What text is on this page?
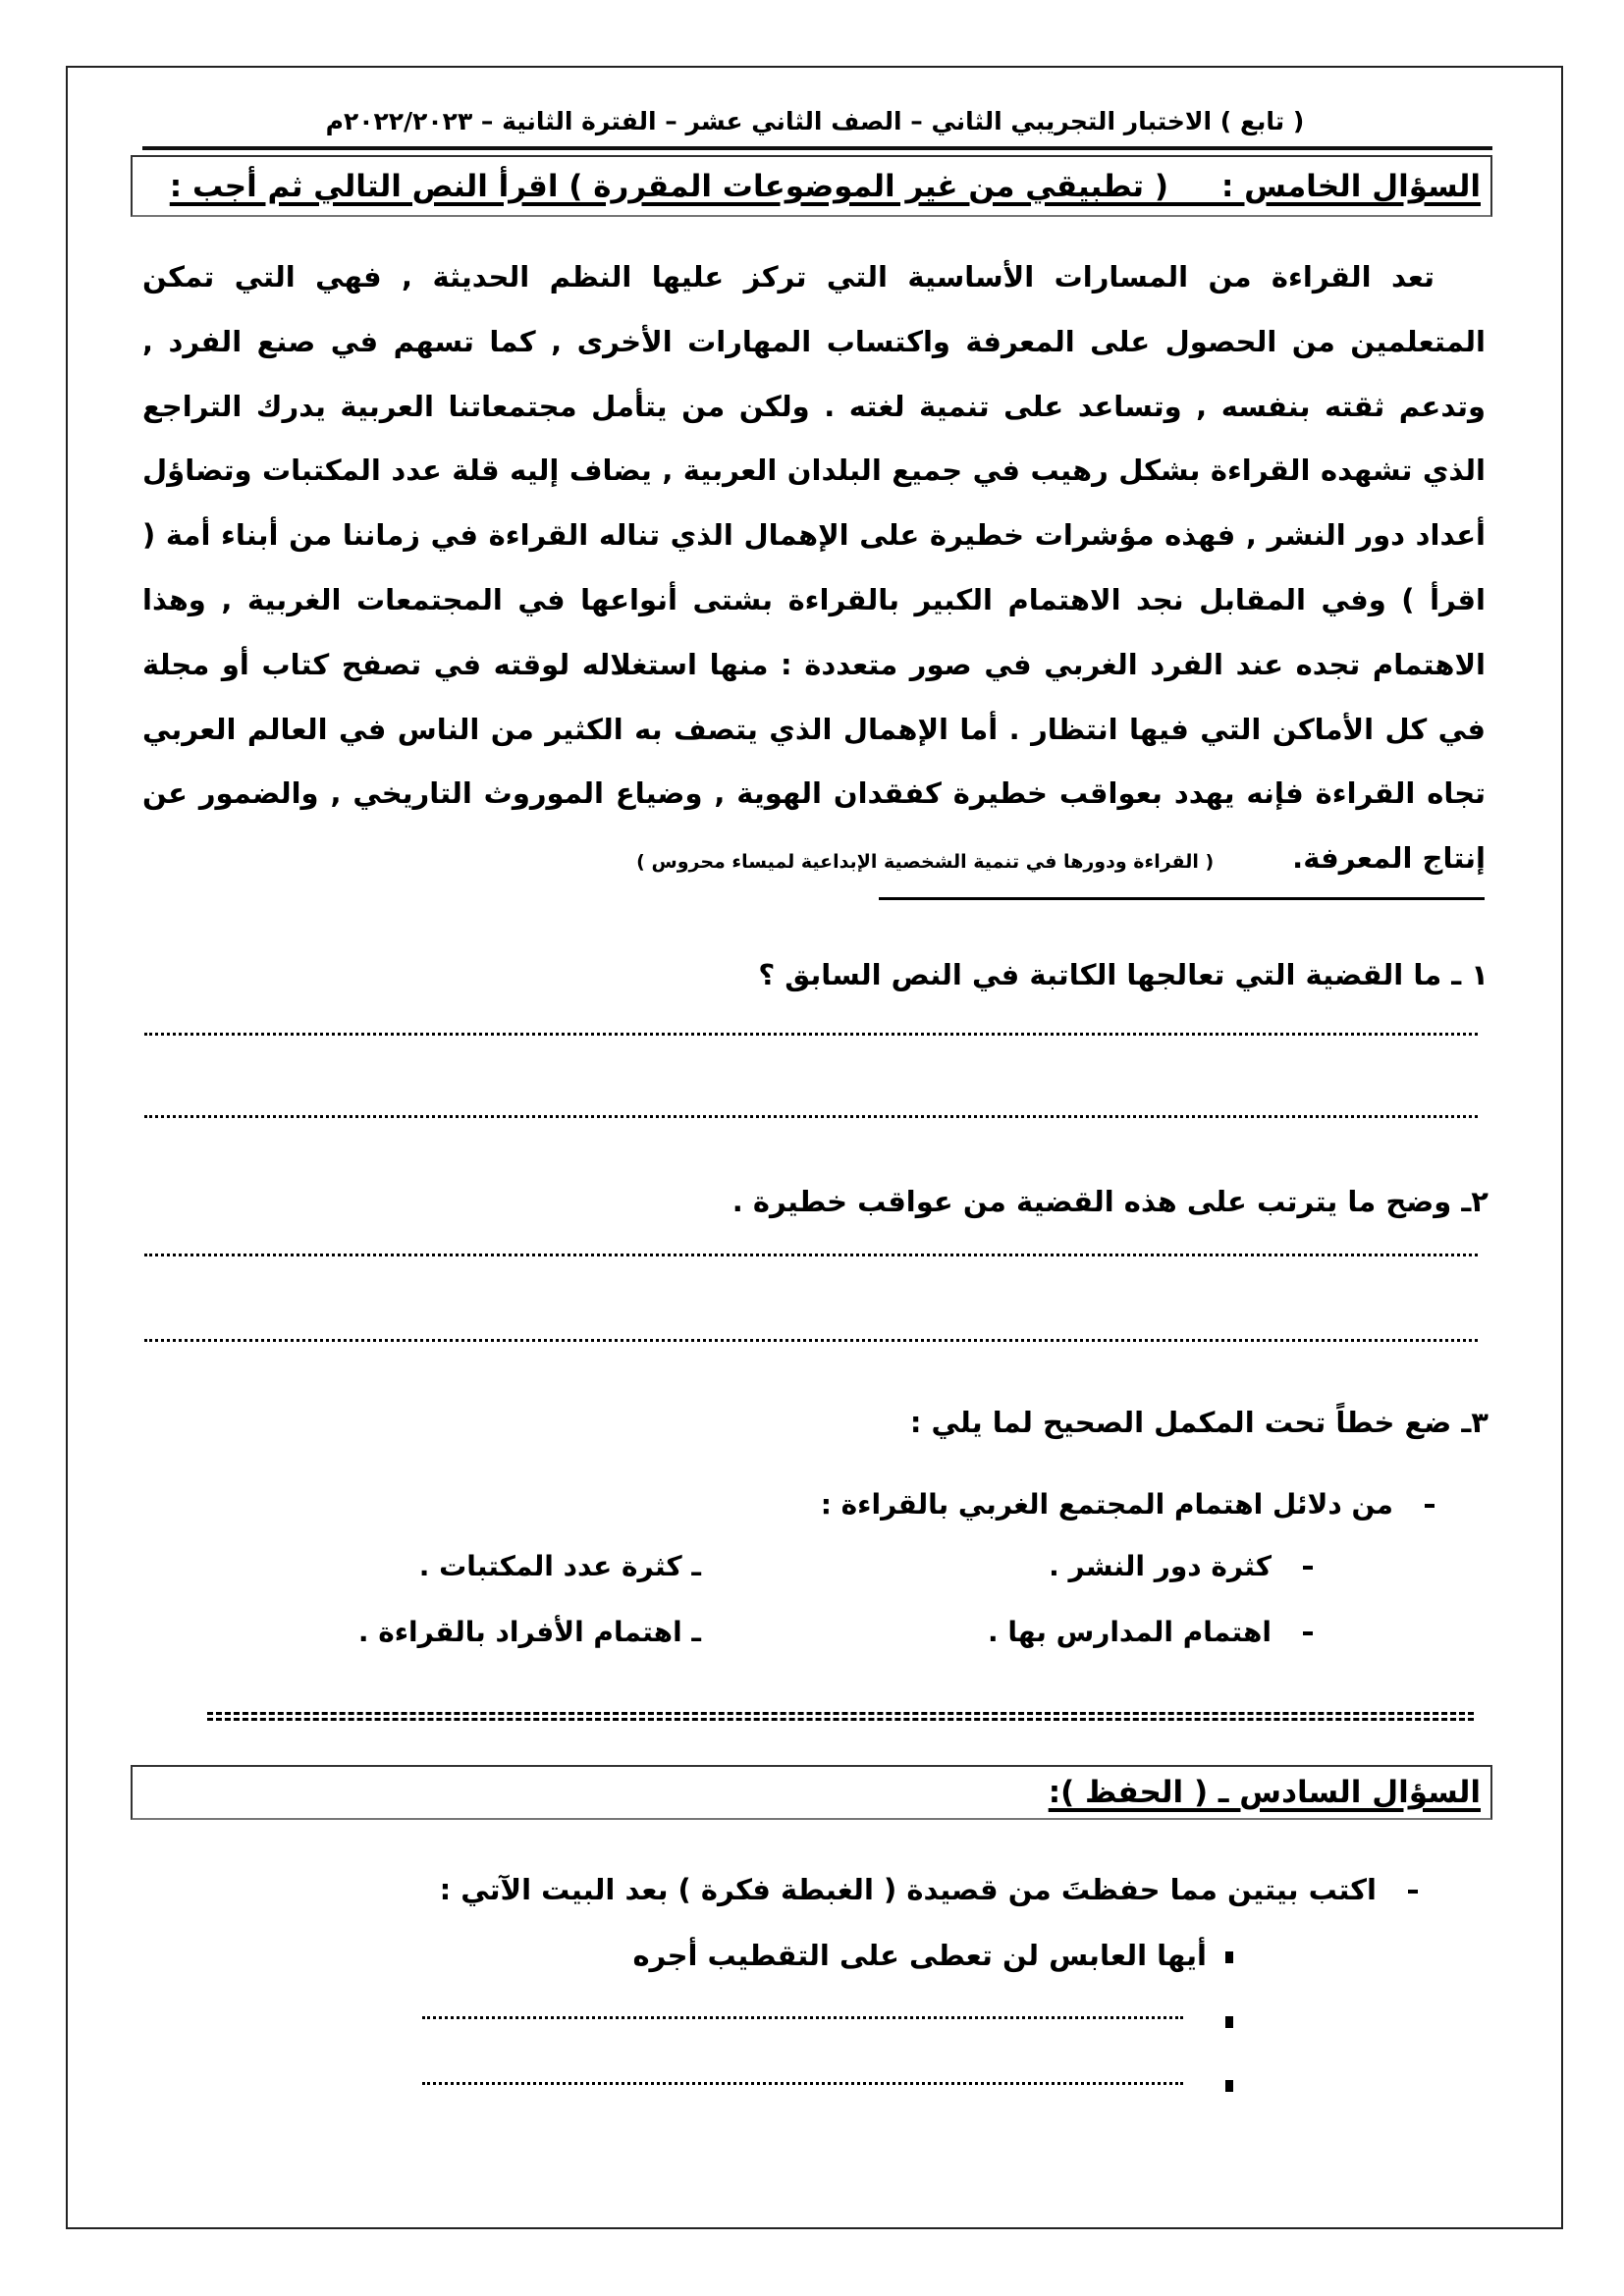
( تابع ) الاختبار التجريبي الثاني – الصف الثاني عشر – الفترة الثانية – ٢٠٢٢/٢٠٢٣م
السؤال الخامس :     ( تطبيقي من غير الموضوعات المقررة ) اقرأ النص التالي ثم أجب :

تعد القراءة من المسارات الأساسية التي تركز عليها النظم الحديثة , فهي التي تمكن المتعلمين من الحصول على المعرفة واكتساب المهارات الأخرى , كما تسهم في صنع الفرد , وتدعم ثقته بنفسه , وتساعد على تنمية لغته . ولكن من يتأمل مجتمعاتنا العربية يدرك التراجع الذي تشهده القراءة بشكل رهيب في جميع البلدان العربية , يضاف إليه قلة عدد المكتبات وتضاؤل أعداد دور النشر , فهذه مؤشرات خطيرة على الإهمال الذي تناله القراءة في زماننا من أبناء أمة ( اقرأ ) وفي المقابل نجد الاهتمام الكبير بالقراءة بشتى أنواعها في المجتمعات الغربية , وهذا الاهتمام تجده عند الفرد الغربي في صور متعددة : منها استغلاله لوقته في تصفح كتاب أو مجلة في كل الأماكن التي فيها انتظار . أما الإهمال الذي يتصف به الكثير من الناس في العالم العربي تجاه القراءة فإنه يهدد بعواقب خطيرة كفقدان الهوية , وضياع الموروث التاريخي , والضمور عن إنتاج المعرفة.( القراءة ودورها في تنمية الشخصية الإبداعية لميساء محروس )

١ ـ ما القضية التي تعالجها الكاتبة في النص السابق ؟
٢ـ وضح ما يترتب على هذه القضية من عواقب خطيرة .
٣ـ ضع خطاً تحت المكمل الصحيح لما يلي :
من دلائل اهتمام المجتمع الغربي بالقراءة :
كثرة دور النشر .
ـ كثرة عدد المكتبات .
اهتمام المدارس بها .
ـ اهتمام الأفراد بالقراءة .
السؤال السادس ـ ( الحفظ ):
اكتب بيتين مما حفظتَ من قصيدة ( الغبطة فكرة ) بعد البيت الآتي :
أيها العابس لن تعطى على التقطيب أجره
